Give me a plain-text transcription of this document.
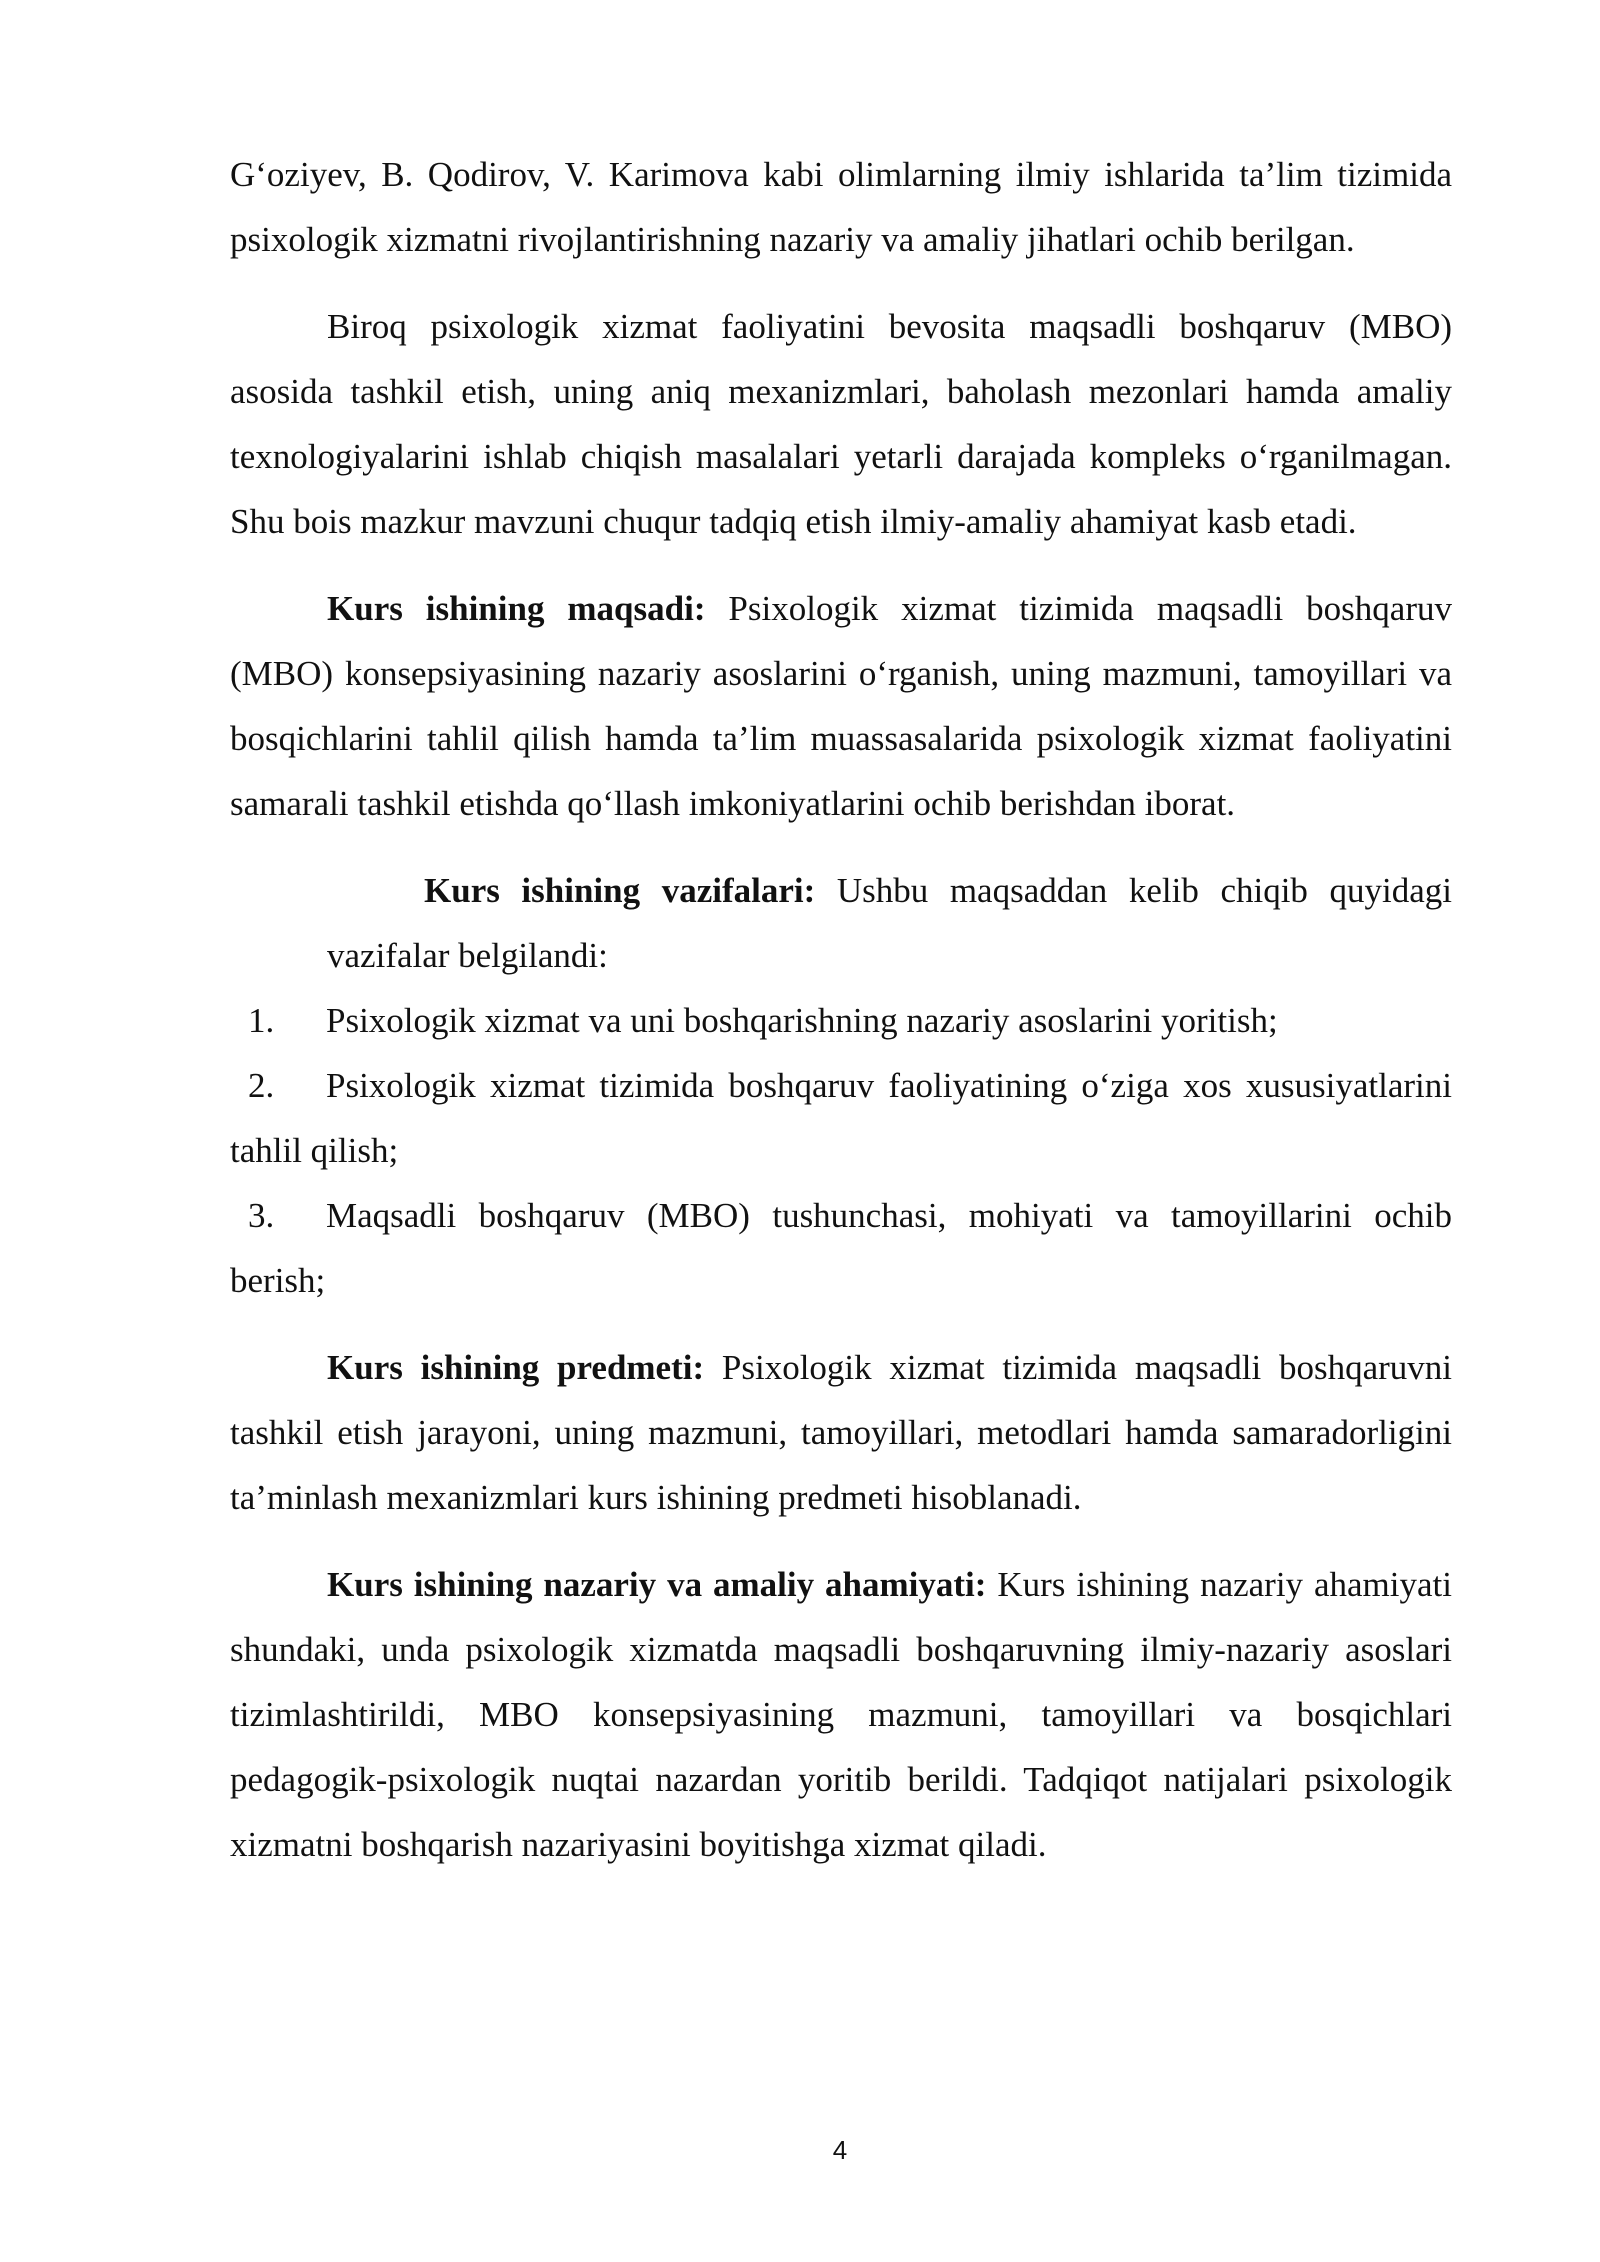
G‘oziyev, B. Qodirov, V. Karimova kabi olimlarning ilmiy ishlarida ta’lim tizimida psixologik xizmatni rivojlantirishning nazariy va amaliy jihatlari ochib berilgan.

Biroq psixologik xizmat faoliyatini bevosita maqsadli boshqaruv (MBO) asosida tashkil etish, uning aniq mexanizmlari, baholash mezonlari hamda amaliy texnologiyalarini ishlab chiqish masalalari yetarli darajada kompleks o‘rganilmagan. Shu bois mazkur mavzuni chuqur tadqiq etish ilmiy-amaliy ahamiyat kasb etadi.

Kurs ishining maqsadi: Psixologik xizmat tizimida maqsadli boshqaruv (MBO) konsepsiyasining nazariy asoslarini o‘rganish, uning mazmuni, tamoyillari va bosqichlarini tahlil qilish hamda ta’lim muassasalarida psixologik xizmat faoliyatini samarali tashkil etishda qo‘llash imkoniyatlarini ochib berishdan iborat.

Kurs ishining vazifalari: Ushbu maqsaddan kelib chiqib quyidagi vazifalar belgilandi:

1. Psixologik xizmat va uni boshqarishning nazariy asoslarini yoritish;

2. Psixologik xizmat tizimida boshqaruv faoliyatining o‘ziga xos xususiyatlarini tahlil qilish;

3. Maqsadli boshqaruv (MBO) tushunchasi, mohiyati va tamoyillarini ochib berish;

Kurs ishining predmeti: Psixologik xizmat tizimida maqsadli boshqaruvni tashkil etish jarayoni, uning mazmuni, tamoyillari, metodlari hamda samaradorligini ta’minlash mexanizmlari kurs ishining predmeti hisoblanadi.

Kurs ishining nazariy va amaliy ahamiyati: Kurs ishining nazariy ahamiyati shundaki, unda psixologik xizmatda maqsadli boshqaruvning ilmiy-nazariy asoslari tizimlashtirildi, MBO konsepsiyasining mazmuni, tamoyillari va bosqichlari pedagogik-psixologik nuqtai nazardan yoritib berildi. Tadqiqot natijalari psixologik xizmatni boshqarish nazariyasini boyitishga xizmat qiladi.

4
